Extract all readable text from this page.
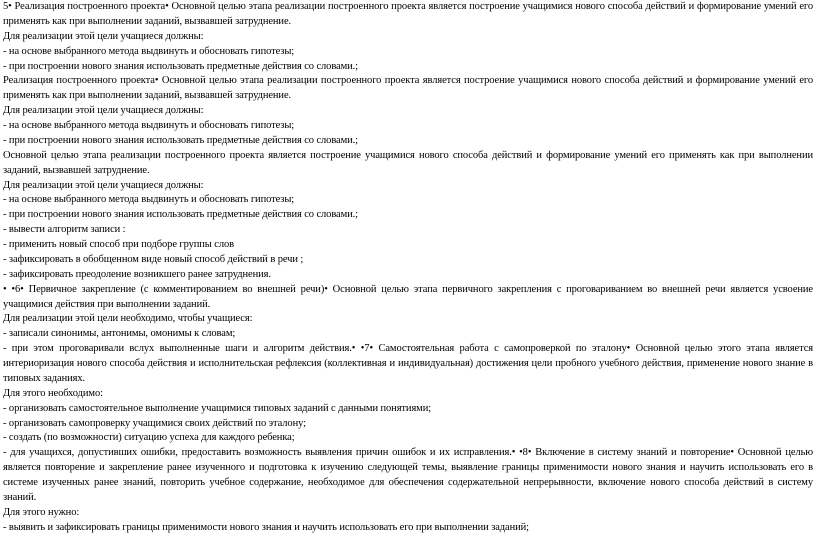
5• Реализация построенного проекта• Основной целью этапа реализации построенного проекта является построение учащимися нового способа действий и формирование умений его применять как при выполнении заданий, вызвавшей затруднение.

Для реализации этой цели учащиеся должны:

- на основе выбранного метода выдвинуть и обосновать гипотезы;

- при построении нового знания использовать предметные действия со словами.;

Реализация построенного проекта• Основной целью этапа реализации построенного проекта является построение учащимися нового способа действий и формирование умений его применять как при выполнении заданий, вызвавшей затруднение.

Для реализации этой цели учащиеся должны:

- на основе выбранного метода выдвинуть и обосновать гипотезы;

- при построении нового знания использовать предметные действия со словами.;

Основной целью этапа реализации построенного проекта является построение учащимися нового способа действий и формирование умений его применять как при выполнении заданий, вызвавшей затруднение.

Для реализации этой цели учащиеся должны:

- на основе выбранного метода выдвинуть и обосновать гипотезы;

- при построении нового знания использовать предметные действия со словами.;

- вывести алгоритм записи :

- применить новый способ при подборе группы слов

- зафиксировать в обобщенном виде новый способ действий в речи ;

- зафиксировать преодоление возникшего ранее затруднения.

• •6• Первичное закрепление (с комментированием во внешней речи)• Основной целью этапа первичного закрепления с проговариванием во внешней речи является усвоение учащимися действия при выполнении заданий.

Для реализации этой цели необходимо, чтобы учащиеся:

- записали синонимы, антонимы, омонимы к словам;

- при этом проговаривали вслух выполненные шаги и алгоритм действия.• •7• Самостоятельная работа с самопроверкой по эталону• Основной целью этого этапа является интериоризация нового способа действия и исполнительская рефлексия (коллективная и индивидуальная) достижения цели пробного учебного действия, применение нового знание в типовых заданиях.

Для этого необходимо:

- организовать самостоятельное выполнение учащимися типовых заданий с данными понятиями;

- организовать самопроверку учащимися своих действий по эталону;

- создать (по возможности) ситуацию успеха для каждого ребенка;

- для учащихся, допустивших ошибки, предоставить возможность выявления причин ошибок и их исправления.• •8• Включение в систему знаний и повторение• Основной целью является повторение и закрепление ранее изученного и подготовка к изучению следующей темы, выявление границы применимости нового знания и научить использовать его в системе изученных ранее знаний, повторить учебное содержание, необходимое для обеспечения содержательной непрерывности, включение нового способа действий в систему знаний.

Для этого нужно:

- выявить и зафиксировать границы применимости нового знания и научить использовать его при выполнении заданий;
